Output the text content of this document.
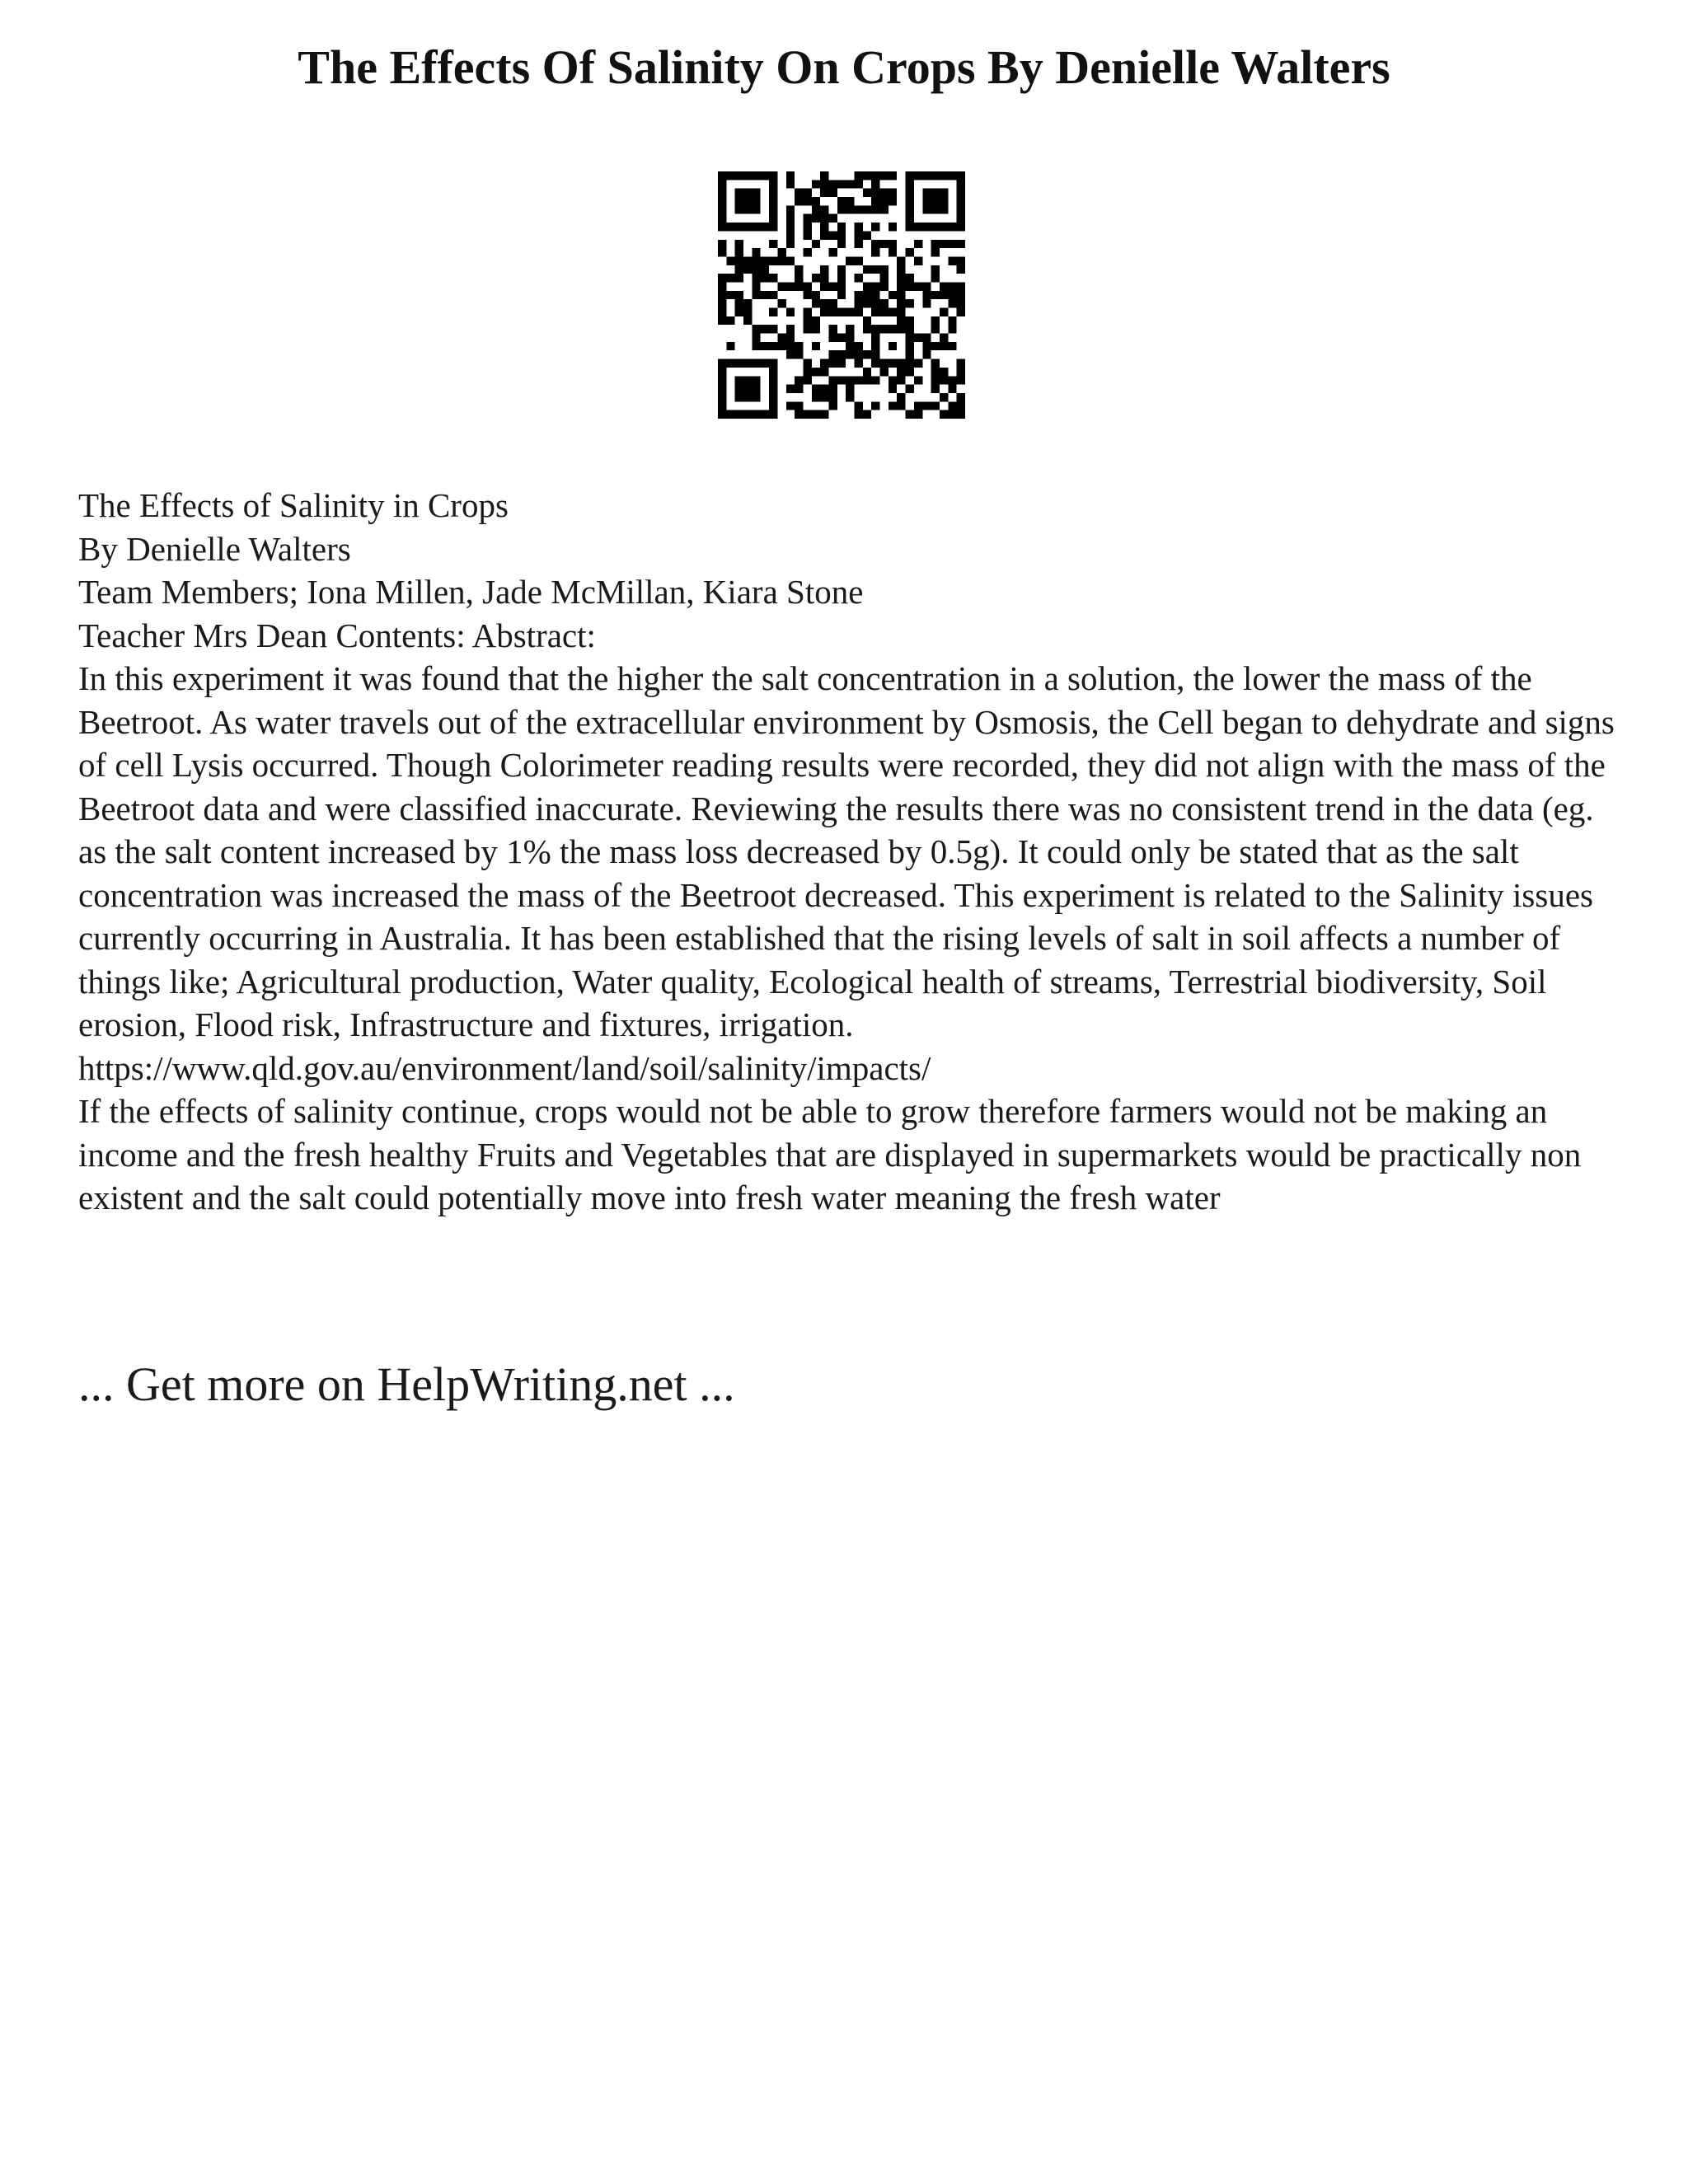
The Effects Of Salinity On Crops By Denielle Walters

The Effects of Salinity in Crops

By Denielle Walters

Team Members; Iona Millen, Jade McMillan, Kiara Stone

Teacher Mrs Dean Contents: Abstract:

In this experiment it was found that the higher the salt concentration in a solution, the lower the mass of the Beetroot. As water travels out of the extracellular environment by Osmosis, the Cell began to dehydrate and signs of cell Lysis occurred. Though Colorimeter reading results were recorded, they did not align with the mass of the Beetroot data and were classified inaccurate. Reviewing the results there was no consistent trend in the data (eg. as the salt content increased by 1% the mass loss decreased by 0.5g). It could only be stated that as the salt concentration was increased the mass of the Beetroot decreased. This experiment is related to the Salinity issues currently occurring in Australia. It has been established that the rising levels of salt in soil affects a number of things like; Agricultural production, Water quality, Ecological health of streams, Terrestrial biodiversity, Soil erosion, Flood risk, Infrastructure and fixtures, irrigation.

https://www.qld.gov.au/environment/land/soil/salinity/impacts/

If the effects of salinity continue, crops would not be able to grow therefore farmers would not be making an income and the fresh healthy Fruits and Vegetables that are displayed in supermarkets would be practically non existent and the salt could potentially move into fresh water meaning the fresh water

... Get more on HelpWriting.net ...
